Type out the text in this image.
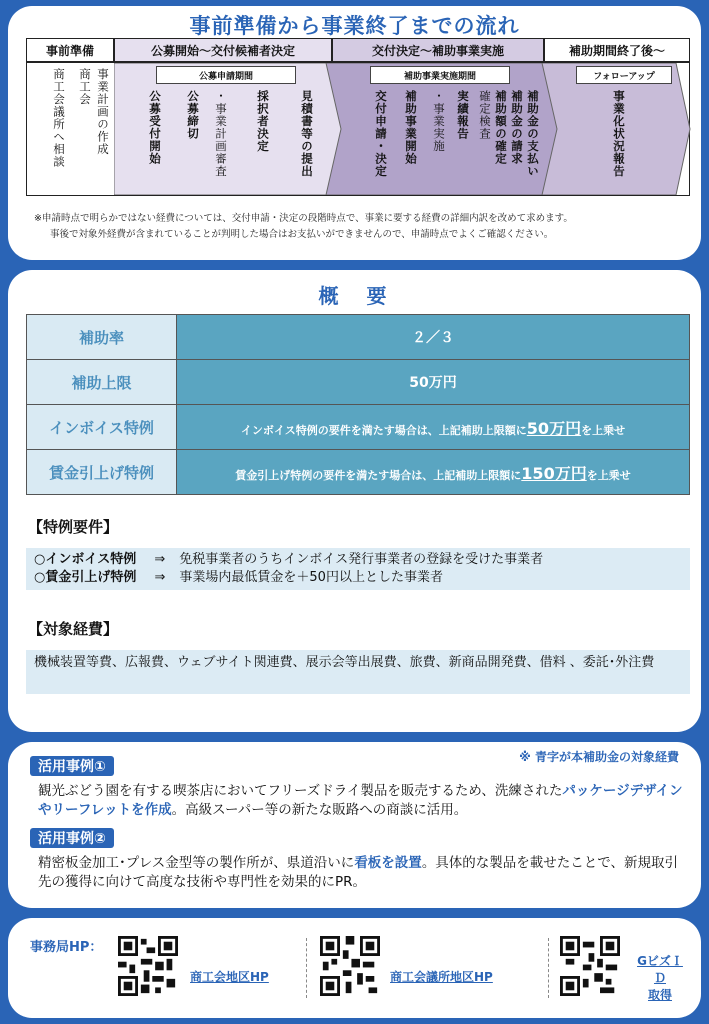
事前準備から事業終了までの流れ
事前準備	公募開始～交付候補者決定	交付決定～補助事業実施	補助期間終了後～
公募申請期間	補助事業実施期間	フォローアップ
商工会
商工会議所へ相談	事業計画の作成	公募受付開始 公募締切 ・事業計画審査 採択者決定	見積書等の提出	交付申請・決定 補助事業開始 ・事業実施 実績報告 確定検査 補助額の確定 補助金の請求 補助金の支払い	事業化状況報告
※申請時点で明らかではない経費については、交付申請・決定の段階時点で、事業に要する経費の詳細内訳を改めて求めます。
事後で対象外経費が含まれていることが判明した場合はお支払いができませんので、申請時点でよくご確認ください。
概　要
補助率	２／３
補助上限	50万円
インボイス特例	インボイス特例の要件を満たす場合は、上記補助上限額に50万円を上乗せ
賃金引上げ特例	賃金引上げ特例の要件を満たす場合は、上記補助上限額に150万円を上乗せ
【特例要件】
○インボイス特例 ⇒ 免税事業者のうちインボイス発行事業者の登録を受けた事業者
○賃金引上げ特例 ⇒ 事業場内最低賃金を＋50円以上とした事業者
【対象経費】
機械装置等費、広報費、ウェブサイト関連費、展示会等出展費、旅費、新商品開発費、借料 、委託･外注費
※ 青字が本補助金の対象経費
活用事例①
観光ぶどう園を有する喫茶店においてフリーズドライ製品を販売するため、洗練されたパッケージデザインやリーフレットを作成。高級スーパー等の新たな販路への商談に活用。
活用事例②
精密板金加工･プレス金型等の製作所が、県道沿いに看板を設置。具体的な製品を載せたことで、新規取引先の獲得に向けて高度な技術や専門性を効果的にPR。
事務局HP：
商工会地区HP	商工会議所地区HP
GビズＩＤ
取得
